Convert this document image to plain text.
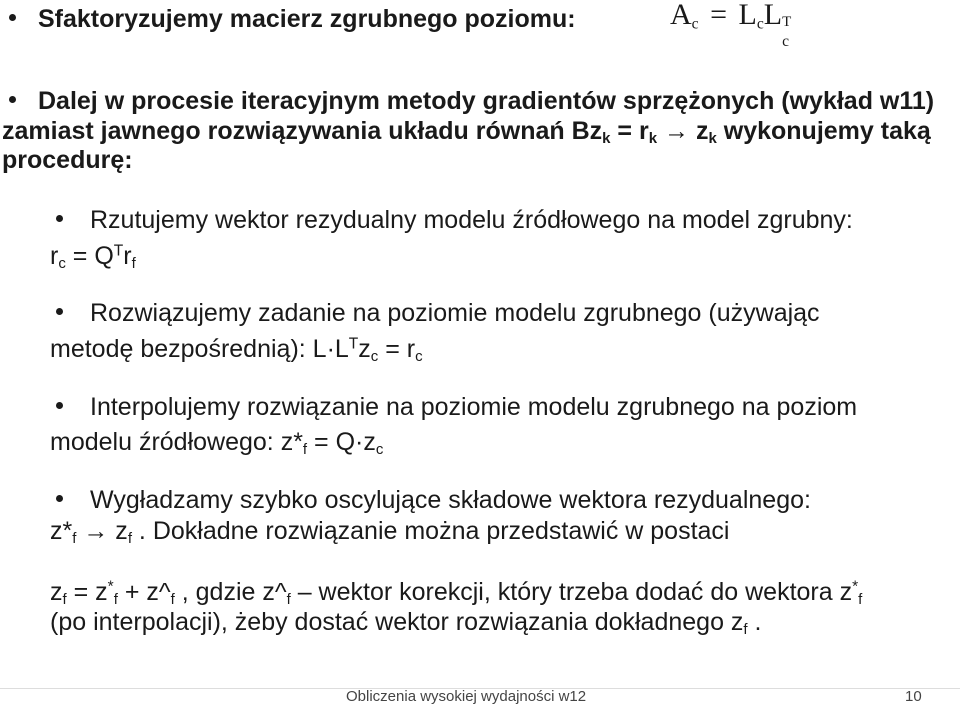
Sfaktoryzujemy macierz zgrubnego poziomu:	$A_c = L_cL$ T
c
Dalej w procesie iteracyjnym metody gradientów sprzężonych (wykład w11)
zamiast jawnego rozwiązywania układu równań $Bz_k = r_k \to z_k$ wykonujemy taką
procedurę:
Rzutujemy wektor rezydualny modelu źródłowego na model zgrubny:
$r_c = Q^Tr_f$
Rozwiązujemy zadanie na poziomie modelu zgrubnego (używając
metodę bezpośrednią): $L\cdot L^Tz_c = r_c$
Interpolujemy rozwiązanie na poziomie modelu zgrubnego na poziom
modelu źródłowego: $z*_f = Q\cdot z_c$
Wygładzamy szybko oscylujące składowe wektora rezydualnego:
$z*_f \to z_f$ . Dokładne rozwiązanie można przedstawić w postaci
$z_f = z^*_f$ + $z\^{}_f$ , gdzie $z\^{}_f$ – wektor korekcji, który trzeba dodać do wektora $z^*_f$
(po interpolacji), żeby dostać wektor rozwiązania dokładnego $z_f$ .
Obliczenia wysokiej wydajności w12	10
